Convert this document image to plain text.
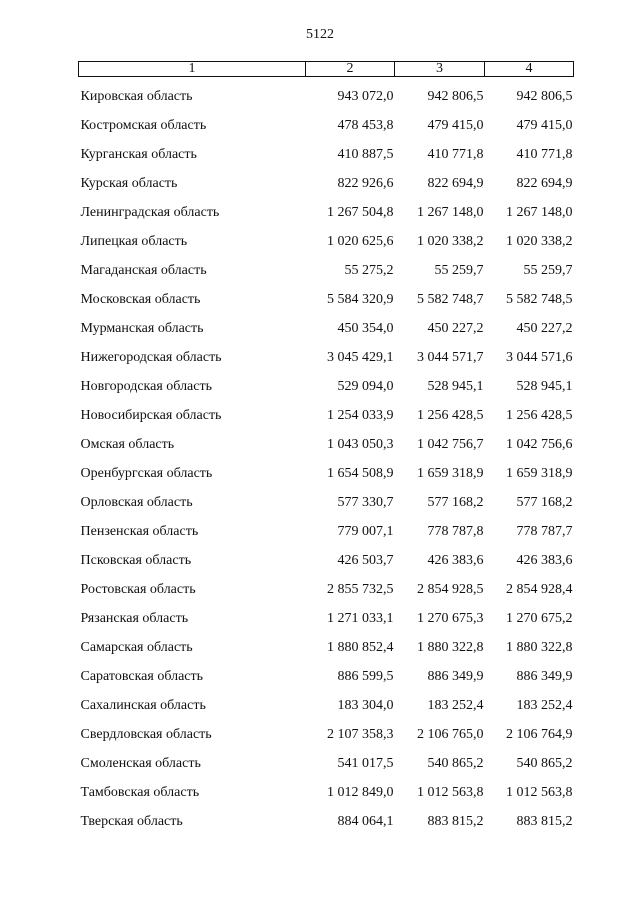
5122
1	2	3	4
Кировская область	943 072,0	942 806,5	942 806,5
Костромская область	478 453,8	479 415,0	479 415,0
Курганская область	410 887,5	410 771,8	410 771,8
Курская область	822 926,6	822 694,9	822 694,9
Ленинградская область	1 267 504,8	1 267 148,0	1 267 148,0
Липецкая область	1 020 625,6	1 020 338,2	1 020 338,2
Магаданская область	55 275,2	55 259,7	55 259,7
Московская область	5 584 320,9	5 582 748,7	5 582 748,5
Мурманская область	450 354,0	450 227,2	450 227,2
Нижегородская область	3 045 429,1	3 044 571,7	3 044 571,6
Новгородская область	529 094,0	528 945,1	528 945,1
Новосибирская область	1 254 033,9	1 256 428,5	1 256 428,5
Омская область	1 043 050,3	1 042 756,7	1 042 756,6
Оренбургская область	1 654 508,9	1 659 318,9	1 659 318,9
Орловская область	577 330,7	577 168,2	577 168,2
Пензенская область	779 007,1	778 787,8	778 787,7
Псковская область	426 503,7	426 383,6	426 383,6
Ростовская область	2 855 732,5	2 854 928,5	2 854 928,4
Рязанская область	1 271 033,1	1 270 675,3	1 270 675,2
Самарская область	1 880 852,4	1 880 322,8	1 880 322,8
Саратовская область	886 599,5	886 349,9	886 349,9
Сахалинская область	183 304,0	183 252,4	183 252,4
Свердловская область	2 107 358,3	2 106 765,0	2 106 764,9
Смоленская область	541 017,5	540 865,2	540 865,2
Тамбовская область	1 012 849,0	1 012 563,8	1 012 563,8
Тверская область	884 064,1	883 815,2	883 815,2
